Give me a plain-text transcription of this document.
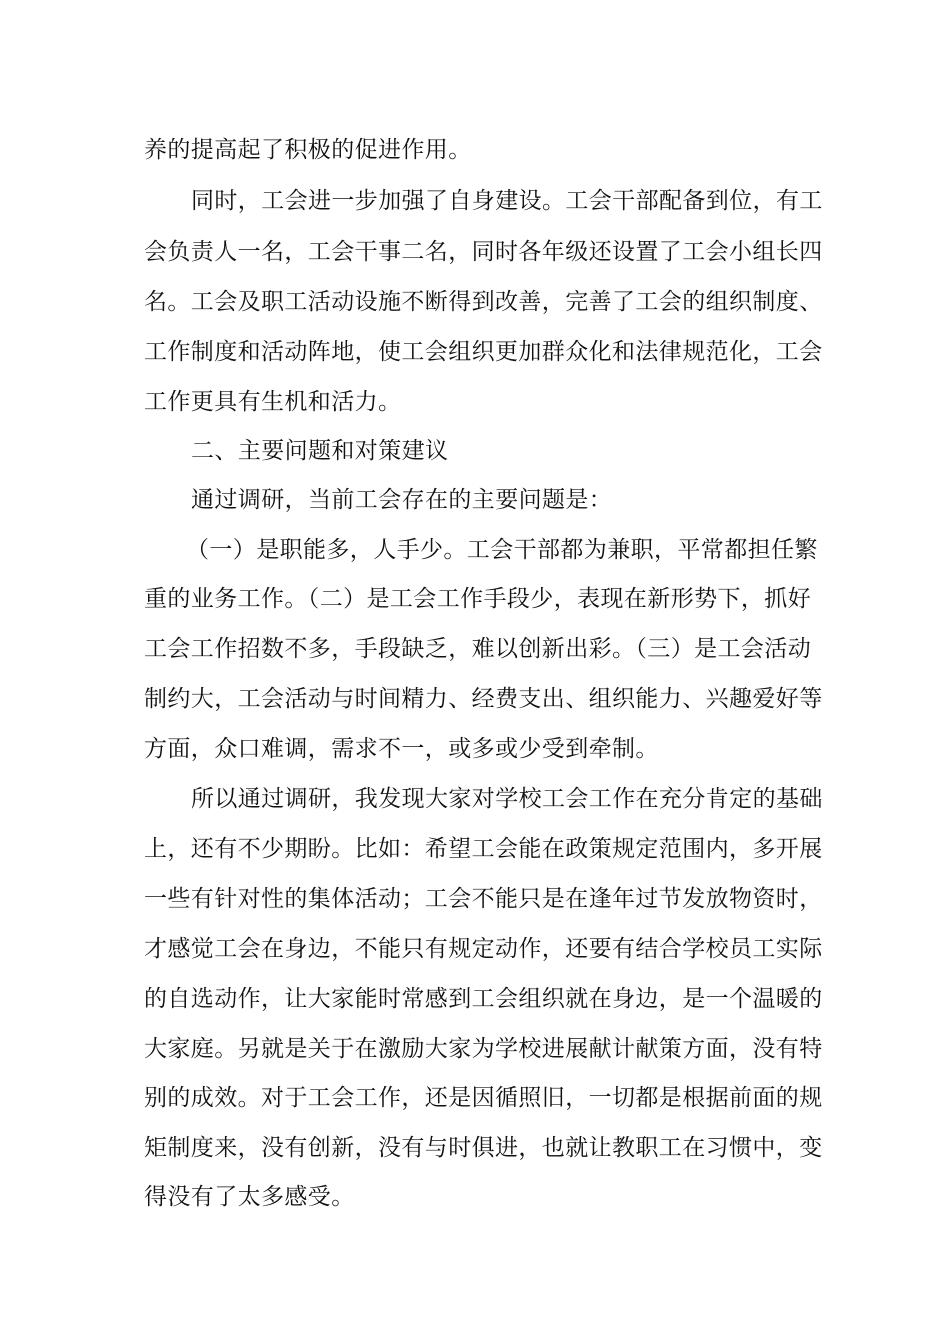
养的提高起了积极的促进作用。
同时，工会进一步加强了自身建设。工会干部配备到位，有工
会负责人一名，工会干事二名，同时各年级还设置了工会小组长四
名。工会及职工活动设施不断得到改善，完善了工会的组织制度、
工作制度和活动阵地，使工会组织更加群众化和法律规范化，工会
工作更具有生机和活力。
二、主要问题和对策建议
通过调研，当前工会存在的主要问题是：
（一）是职能多，人手少。工会干部都为兼职，平常都担任繁
重的业务工作。（二）是工会工作手段少，表现在新形势下，抓好
工会工作招数不多，手段缺乏，难以创新出彩。（三）是工会活动
制约大，工会活动与时间精力、经费支出、组织能力、兴趣爱好等
方面，众口难调，需求不一，或多或少受到牵制。
所以通过调研，我发现大家对学校工会工作在充分肯定的基础
上，还有不少期盼。比如：希望工会能在政策规定范围内，多开展
一些有针对性的集体活动；工会不能只是在逢年过节发放物资时，
才感觉工会在身边，不能只有规定动作，还要有结合学校员工实际
的自选动作，让大家能时常感到工会组织就在身边，是一个温暖的
大家庭。另就是关于在激励大家为学校进展献计献策方面，没有特
别的成效。对于工会工作，还是因循照旧，一切都是根据前面的规
矩制度来，没有创新，没有与时俱进，也就让教职工在习惯中，变
得没有了太多感受。
